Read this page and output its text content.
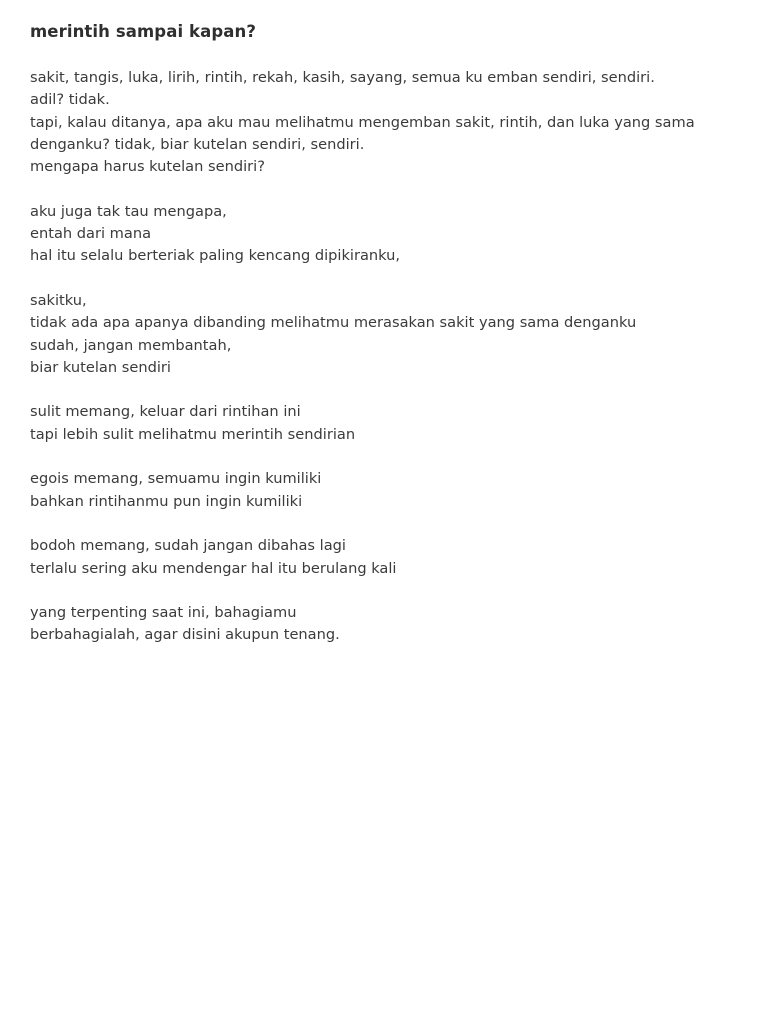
merintih sampai kapan?
sakit, tangis, luka, lirih, rintih, rekah, kasih, sayang, semua ku emban sendiri, sendiri.
adil? tidak.
tapi, kalau ditanya, apa aku mau melihatmu mengemban sakit, rintih, dan luka yang sama
denganku? tidak, biar kutelan sendiri, sendiri.
mengapa harus kutelan sendiri?
aku juga tak tau mengapa,
entah dari mana
hal itu selalu berteriak paling kencang dipikiranku,
sakitku,
tidak ada apa apanya dibanding melihatmu merasakan sakit yang sama denganku
sudah, jangan membantah,
biar kutelan sendiri
sulit memang, keluar dari rintihan ini
tapi lebih sulit melihatmu merintih sendirian
egois memang, semuamu ingin kumiliki
bahkan rintihanmu pun ingin kumiliki
bodoh memang, sudah jangan dibahas lagi
terlalu sering aku mendengar hal itu berulang kali
yang terpenting saat ini, bahagiamu
berbahagialah, agar disini akupun tenang.
